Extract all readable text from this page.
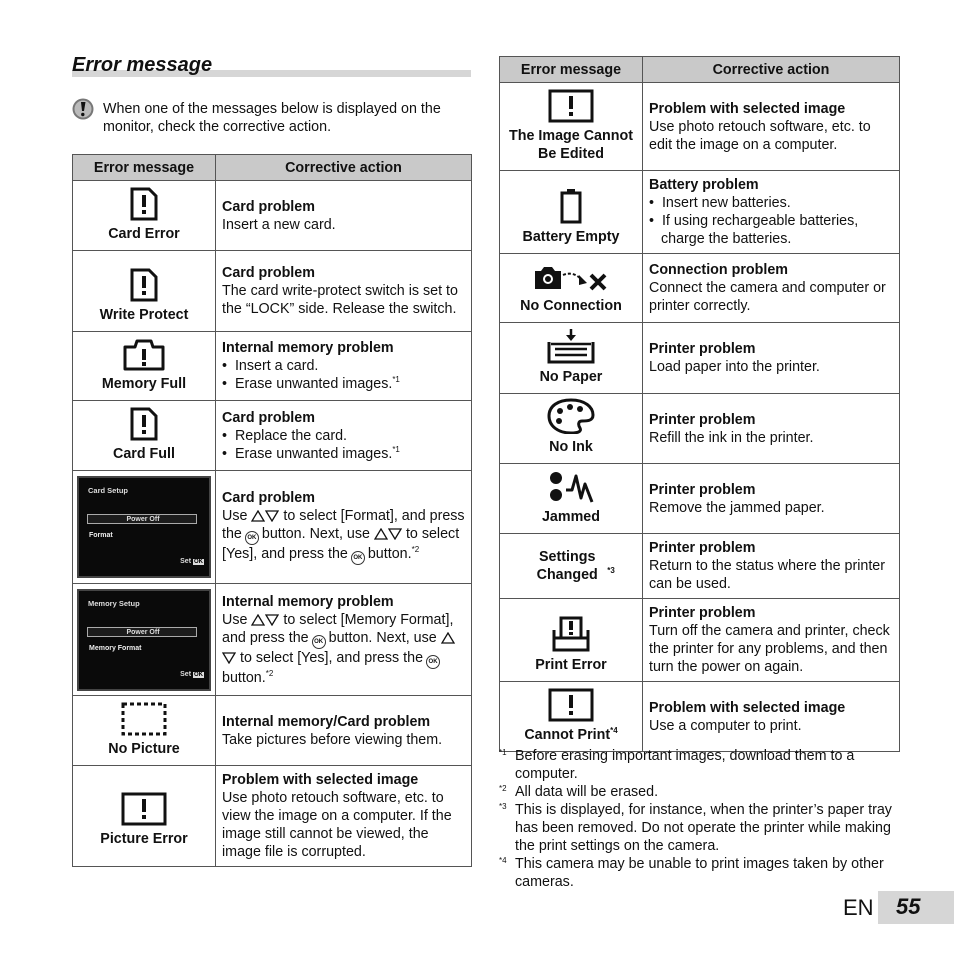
Error message
When one of the messages below is displayed on the monitor, check the corrective action.
Error message	Corrective action

Card Error	Card problem
Insert a new card.

Write Protect	Card problem
The card write-protect switch is set to the “LOCK” side. Release the switch.

Memory Full	Internal memory problem
•  Insert a card.
•  Erase unwanted images.$^{*1}$

Card Full	Card problem
•  Replace the card.
•  Erase unwanted images.$^{*1}$

Card Setup
Power Off
Format
Set OK	Card problem
Use to select [Format], and press the OK button. Next, use to select [Yes], and press the OK button.$^{*2}$

Memory Setup
Power Off
Memory Format
Set OK	Internal memory problem
Use to select [Memory Format], and press the OK button. Next, use  to select [Yes], and press the OKbutton.$^{*2}$

No Picture	Internal memory/Card problem
Take pictures before viewing them.

Picture Error	Problem with selected image
Use photo retouch software, etc. to view the image on a computer. If the image still cannot be viewed, the image file is corrupted.
Error message	Corrective action

The Image Cannot Be Edited	Problem with selected image
Use photo retouch software, etc. to edit the image on a computer.

Battery Empty	Battery problem
•  Insert new batteries.
•  If using rechargeable batteries, charge the batteries.

No Connection	Connection problem
Connect the camera and computer or printer correctly.

No Paper	Printer problem
Load paper into the printer.

No Ink	Printer problem
Refill the ink in the printer.

Jammed	Printer problem
Remove the jammed paper.

Settings Changed $^{*3}$	Printer problem
Return to the status where the printer can be used.

Print Error	Printer problem
Turn off the camera and printer, check the printer for any problems, and then turn the power on again.

Cannot Print$^{*4}$	Problem with selected image
Use a computer to print.

*1 Before erasing important images, download them to a computer.

*2 All data will be erased.

*3 This is displayed, for instance, when the printer’s paper tray has been removed. Do not operate the printer while making the print settings on the camera.

*4 This camera may be unable to print images taken by other cameras.

EN 55
